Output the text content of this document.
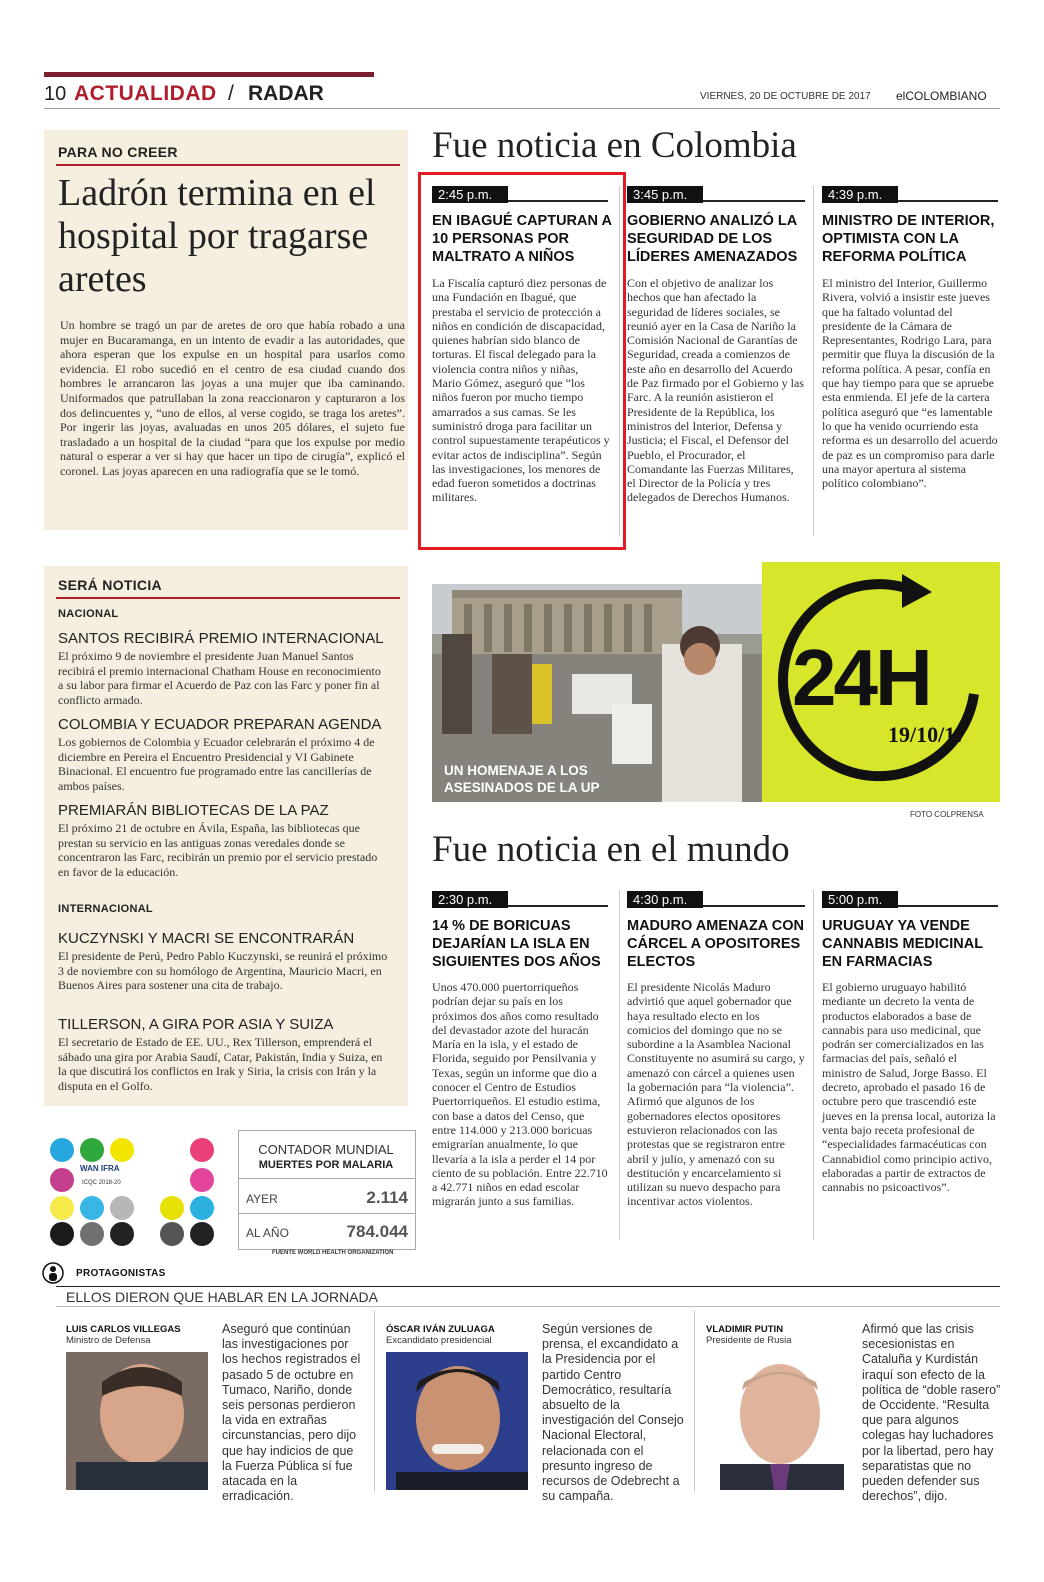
10 ACTUALIDAD / RADAR	VIERNES, 20 DE OCTUBRE DE 2017 elCOLOMBIANO
PARA NO CREER
Ladrón termina en el hospital por tragarse aretes
Un hombre se tragó un par de aretes de oro que había robado a una mujer en Bucaramanga, en un intento de evadir a las autoridades, que ahora esperan que los expulse en un hospital para usarlos como evidencia. El robo sucedió en el centro de esa ciudad cuando dos hombres le arrancaron las joyas a una mujer que iba caminando. Uniformados que patrullaban la zona reaccionaron y capturaron a los dos delincuentes y, “uno de ellos, al verse cogido, se traga los aretes”. Por ingerir las joyas, avaluadas en unos 205 dólares, el sujeto fue trasladado a un hospital de la ciudad “para que los expulse por medio natural o esperar a ver si hay que hacer un tipo de cirugía”, explicó el coronel. Las joyas aparecen en una radiografía que se le tomó.
SERÁ NOTICIA
NACIONAL
SANTOS RECIBIRÁ PREMIO INTERNACIONAL
El próximo 9 de noviembre el presidente Juan Manuel Santos recibirá el premio internacional Chatham House en reconocimiento a su labor para firmar el Acuerdo de Paz con las Farc y poner fin al conflicto armado.
COLOMBIA Y ECUADOR PREPARAN AGENDA
Los gobiernos de Colombia y Ecuador celebrarán el próximo 4 de diciembre en Pereira el Encuentro Presidencial y VI Gabinete Binacional. El encuentro fue programado entre las cancillerías de ambos países.
PREMIARÁN BIBLIOTECAS DE LA PAZ
El próximo 21 de octubre en Ávila, España, las bibliotecas que prestan su servicio en las antiguas zonas veredales donde se concentraron las Farc, recibirán un premio por el servicio prestado en favor de la educación.
INTERNACIONAL
KUCZYNSKI Y MACRI SE ENCONTRARÁN
El presidente de Perú, Pedro Pablo Kuczynski, se reunirá el próximo 3 de noviembre con su homólogo de Argentina, Mauricio Macri, en Buenos Aires para sostener una cita de trabajo.
TILLERSON, A GIRA POR ASIA Y SUIZA
El secretario de Estado de EE. UU., Rex Tillerson, emprenderá el sábado una gira por Arabia Saudí, Catar, Pakistán, India y Suiza, en la que discutirá los conflictos en Irak y Siria, la crisis con Irán y la disputa en el Golfo.
Fue noticia en Colombia
2:45 p.m.
EN IBAGUÉ CAPTURAN A 10 PERSONAS POR MALTRATO A NIÑOS
La Fiscalía capturó diez personas de una Fundación en Ibagué, que prestaba el servicio de protección a niños en condición de discapacidad, quienes habrían sido blanco de torturas. El fiscal delegado para la violencia contra niños y niñas, Mario Gómez, aseguró que “los niños fueron por mucho tiempo amarrados a sus camas. Se les suministró droga para facilitar un control supuestamente terapéuticos y evitar actos de indisciplina”. Según las investigaciones, los menores de edad fueron sometidos a doctrinas militares.
3:45 p.m.
GOBIERNO ANALIZÓ LA SEGURIDAD DE LOS LÍDERES AMENAZADOS
Con el objetivo de analizar los hechos que han afectado la seguridad de líderes sociales, se reunió ayer en la Casa de Nariño la Comisión Nacional de Garantías de Seguridad, creada a comienzos de este año en desarrollo del Acuerdo de Paz firmado por el Gobierno y las Farc. A la reunión asistieron el Presidente de la República, los ministros del Interior, Defensa y Justicia; el Fiscal, el Defensor del Pueblo, el Procurador, el Comandante las Fuerzas Militares, el Director de la Policía y tres delegados de Derechos Humanos.
4:39 p.m.
MINISTRO DE INTERIOR, OPTIMISTA CON LA REFORMA POLÍTICA
El ministro del Interior, Guillermo Rivera, volvió a insistir este jueves que ha faltado voluntad del presidente de la Cámara de Representantes, Rodrigo Lara, para permitir que fluya la discusión de la reforma política. A pesar, confía en que hay tiempo para que se apruebe esta enmienda. El jefe de la cartera política aseguró que “es lamentable lo que ha venido ocurriendo esta reforma es un desarrollo del acuerdo de paz es un compromiso para darle una mayor apertura al sistema político colombiano”.
24H
19/10/17
UN HOMENAJE A LOS ASESINADOS DE LA UP
FOTO COLPRENSA
Fue noticia en el mundo
2:30 p.m.
14 % DE BORICUAS DEJARÍAN LA ISLA EN SIGUIENTES DOS AÑOS
Unos 470.000 puertorriqueños podrían dejar su país en los próximos dos años como resultado del devastador azote del huracán María en la isla, y el estado de Florida, seguido por Pensilvania y Texas, según un informe que dio a conocer el Centro de Estudios Puertorriqueños. El estudio estima, con base a datos del Censo, que entre 114.000 y 213.000 boricuas emigrarían anualmente, lo que llevaría a la isla a perder el 14 por ciento de su población. Entre 22.710 a 42.771 niños en edad escolar migrarán junto a sus familias.
4:30 p.m.
MADURO AMENAZA CON CÁRCEL A OPOSITORES ELECTOS
El presidente Nicolás Maduro advirtió que aquel gobernador que haya resultado electo en los comicios del domingo que no se subordine a la Asamblea Nacional Constituyente no asumirá su cargo, y amenazó con cárcel a quienes usen la gobernación para “la violencia”. Afirmó que algunos de los gobernadores electos opositores estuvieron relacionados con las protestas que se registraron entre abril y julio, y amenazó con su destitución y encarcelamiento si utilizan su nuevo despacho para incentivar actos violentos.
5:00 p.m.
URUGUAY YA VENDE CANNABIS MEDICINAL EN FARMACIAS
El gobierno uruguayo habilitó mediante un decreto la venta de productos elaborados a base de cannabis para uso medicinal, que podrán ser comercializados en las farmacias del país, señaló el ministro de Salud, Jorge Basso. El decreto, aprobado el pasado 16 de octubre pero que trascendió este jueves en la prensa local, autoriza la venta bajo receta profesional de “especialidades farmacéuticas con Cannabidiol como principio activo, elaboradas a partir de extractos de cannabis no psicoactivos”.
WAN IFRA
ICQC 2018-20
CONTADOR MUNDIAL
MUERTES POR MALARIA
AYER	2.114
AL AÑO	784.044
FUENTE WORLD HEALTH ORGANIZATION
PROTAGONISTAS
ELLOS DIERON QUE HABLAR EN LA JORNADA
LUIS CARLOS VILLEGAS
Ministro de Defensa
Aseguró que continúan las investigaciones por los hechos registrados el pasado 5 de octubre en Tumaco, Nariño, donde seis personas perdieron la vida en extrañas circunstancias, pero dijo que hay indicios de que la Fuerza Pública sí fue atacada en la erradicación.
ÓSCAR IVÁN ZULUAGA
Excandidato presidencial
Según versiones de prensa, el excandidato a la Presidencia por el partido Centro Democrático, resultaría absuelto de la investigación del Consejo Nacional Electoral, relacionada con el presunto ingreso de recursos de Odebrecht a su campaña.
VLADIMIR PUTIN
Presidente de Rusia
Afirmó que las crisis secesionistas en Cataluña y Kurdistán iraquí son efecto de la política de “doble rasero” de Occidente. “Resulta que para algunos colegas hay luchadores por la libertad, pero hay separatistas que no pueden defender sus derechos”, dijo.
